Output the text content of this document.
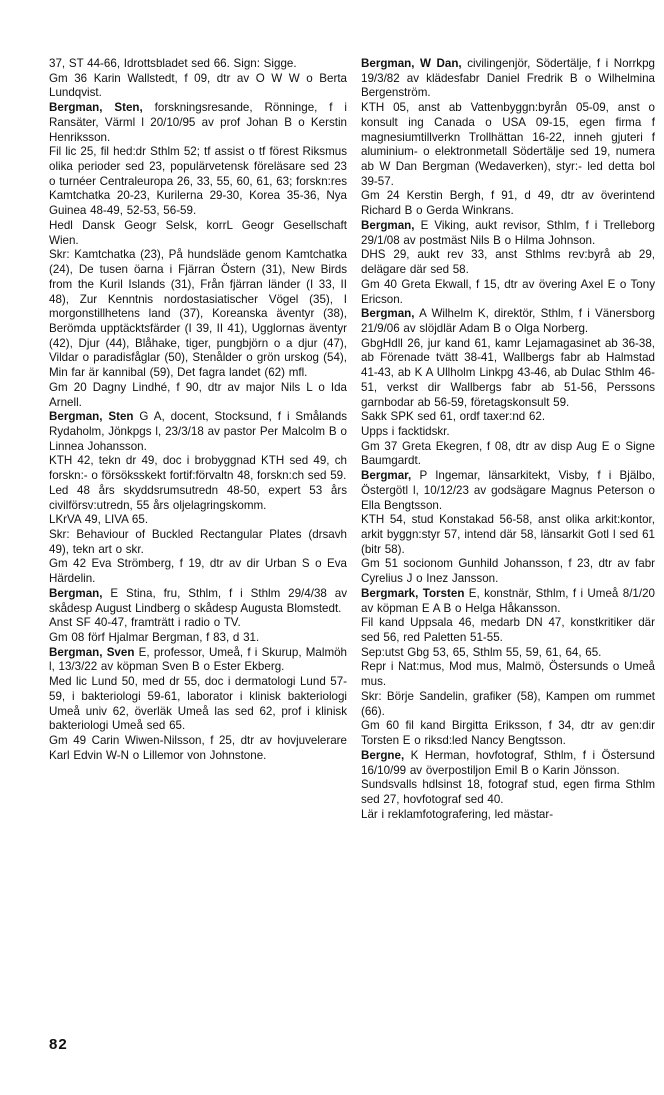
37, ST 44-66, Idrottsbladet sed 66. Sign: Sigge.

Gm 36 Karin Wallstedt, f 09, dtr av O W W o Berta Lundqvist.

Bergman, Sten, forskningsresande, Rönninge, f i Ransäter, Värml l 20/10/95 av prof Johan B o Kerstin Henriksson.

Fil lic 25, fil hed:dr Sthlm 52; tf assist o tf förest Riksmus olika perioder sed 23, populärvetensk föreläsare sed 23 o turnéer Centraleuropa 26, 33, 55, 60, 61, 63; forskn:res Kamtchatka 20-23, Kurilerna 29-30, Korea 35-36, Nya Guinea 48-49, 52-53, 56-59.

Hedl Dansk Geogr Selsk, korrL Geogr Gesellschaft Wien.

Skr: Kamtchatka (23), På hundsläde genom Kamtchatka (24), De tusen öarna i Fjärran Östern (31), New Birds from the Kuril Islands (31), Från fjärran länder (I 33, II 48), Zur Kenntnis nordostasiatischer Vögel (35), I morgonstillhetens land (37), Koreanska äventyr (38), Berömda upptäcktsfärder (I 39, II 41), Ugglornas äventyr (42), Djur (44), Blåhake, tiger, pungbjörn o a djur (47), Vildar o paradisfåglar (50), Stenålder o grön urskog (54), Min far är kannibal (59), Det fagra landet (62) mfl.

Gm 20 Dagny Lindhé, f 90, dtr av major Nils L o Ida Arnell.

Bergman, Sten G A, docent, Stocksund, f i Smålands Rydaholm, Jönkpgs l, 23/3/18 av pastor Per Malcolm B o Linnea Johansson.

KTH 42, tekn dr 49, doc i brobyggnad KTH sed 49, ch forskn:- o försöksskekt fortif:förvaltn 48, forskn:ch sed 59.

Led 48 års skyddsrumsutredn 48-50, expert 53 års civilförsv:utredn, 55 års oljelagringskomm.

LKrVA 49, LIVA 65.

Skr: Behaviour of Buckled Rectangular Plates (drsavh 49), tekn art o skr.

Gm 42 Eva Strömberg, f 19, dtr av dir Urban S o Eva Härdelin.

Bergman, E Stina, fru, Sthlm, f i Sthlm 29/4/38 av skådesp August Lindberg o skådesp Augusta Blomstedt.

Anst SF 40-47, framträtt i radio o TV.

Gm 08 förf Hjalmar Bergman, f 83, d 31.

Bergman, Sven E, professor, Umeå, f i Skurup, Malmöh l, 13/3/22 av köpman Sven B o Ester Ekberg.

Med lic Lund 50, med dr 55, doc i dermatologi Lund 57-59, i bakteriologi 59-61, laborator i klinisk bakteriologi Umeå univ 62, överläk Umeå las sed 62, prof i klinisk bakteriologi Umeå sed 65.

Gm 49 Carin Wiwen-Nilsson, f 25, dtr av hovjuvelerare Karl Edvin W-N o Lillemor von Johnstone.

Bergman, W Dan, civilingenjör, Södertälje, f i Norrkpg 19/3/82 av klädesfabr Daniel Fredrik B o Wilhelmina Bergenström.

KTH 05, anst ab Vattenbyggn:byrån 05-09, anst o konsult ing Canada o USA 09-15, egen firma f magnesiumtillverkn Trollhättan 16-22, inneh gjuteri f aluminium- o elektronmetall Södertälje sed 19, numera ab W Dan Bergman (Wedaverken), styr:- led detta bol 39-57.

Gm 24 Kerstin Bergh, f 91, d 49, dtr av överintend Richard B o Gerda Winkrans.

Bergman, E Viking, aukt revisor, Sthlm, f i Trelleborg 29/1/08 av postmäst Nils B o Hilma Johnson.

DHS 29, aukt rev 33, anst Sthlms rev:byrå ab 29, delägare där sed 58.

Gm 40 Greta Ekwall, f 15, dtr av övering Axel E o Tony Ericson.

Bergman, A Wilhelm K, direktör, Sthlm, f i Vänersborg 21/9/06 av slöjdlär Adam B o Olga Norberg.

GbgHdll 26, jur kand 61, kamr Lejamagasinet ab 36-38, ab Förenade tvätt 38-41, Wallbergs fabr ab Halmstad 41-43, ab K A Ullholm Linkpg 43-46, ab Dulac Sthlm 46-51, verkst dir Wallbergs fabr ab 51-56, Perssons garnbodar ab 56-59, företagskonsult 59.

Sakk SPK sed 61, ordf taxer:nd 62.

Upps i facktidskr.

Gm 37 Greta Ekegren, f 08, dtr av disp Aug E o Signe Baumgardt.

Bergmar, P Ingemar, länsarkitekt, Visby, f i Bjälbo, Östergötl l, 10/12/23 av godsägare Magnus Peterson o Ella Bengtsson.

KTH 54, stud Konstakad 56-58, anst olika arkit:kontor, arkit byggn:styr 57, intend där 58, länsarkit Gotl l sed 61 (bitr 58).

Gm 51 socionom Gunhild Johansson, f 23, dtr av fabr Cyrelius J o Inez Jansson.

Bergmark, Torsten E, konstnär, Sthlm, f i Umeå 8/1/20 av köpman E A B o Helga Håkansson.

Fil kand Uppsala 46, medarb DN 47, konstkritiker där sed 56, red Paletten 51-55.

Sep:utst Gbg 53, 65, Sthlm 55, 59, 61, 64, 65.

Repr i Nat:mus, Mod mus, Malmö, Östersunds o Umeå mus.

Skr: Börje Sandelin, grafiker (58), Kampen om rummet (66).

Gm 60 fil kand Birgitta Eriksson, f 34, dtr av gen:dir Torsten E o riksd:led Nancy Bengtsson.

Bergne, K Herman, hovfotograf, Sthlm, f i Östersund 16/10/99 av överpostiljon Emil B o Karin Jönsson.

Sundsvalls hdlsinst 18, fotograf stud, egen firma Sthlm sed 27, hovfotograf sed 40.

Lär i reklamfotografering, led mästar-

82
